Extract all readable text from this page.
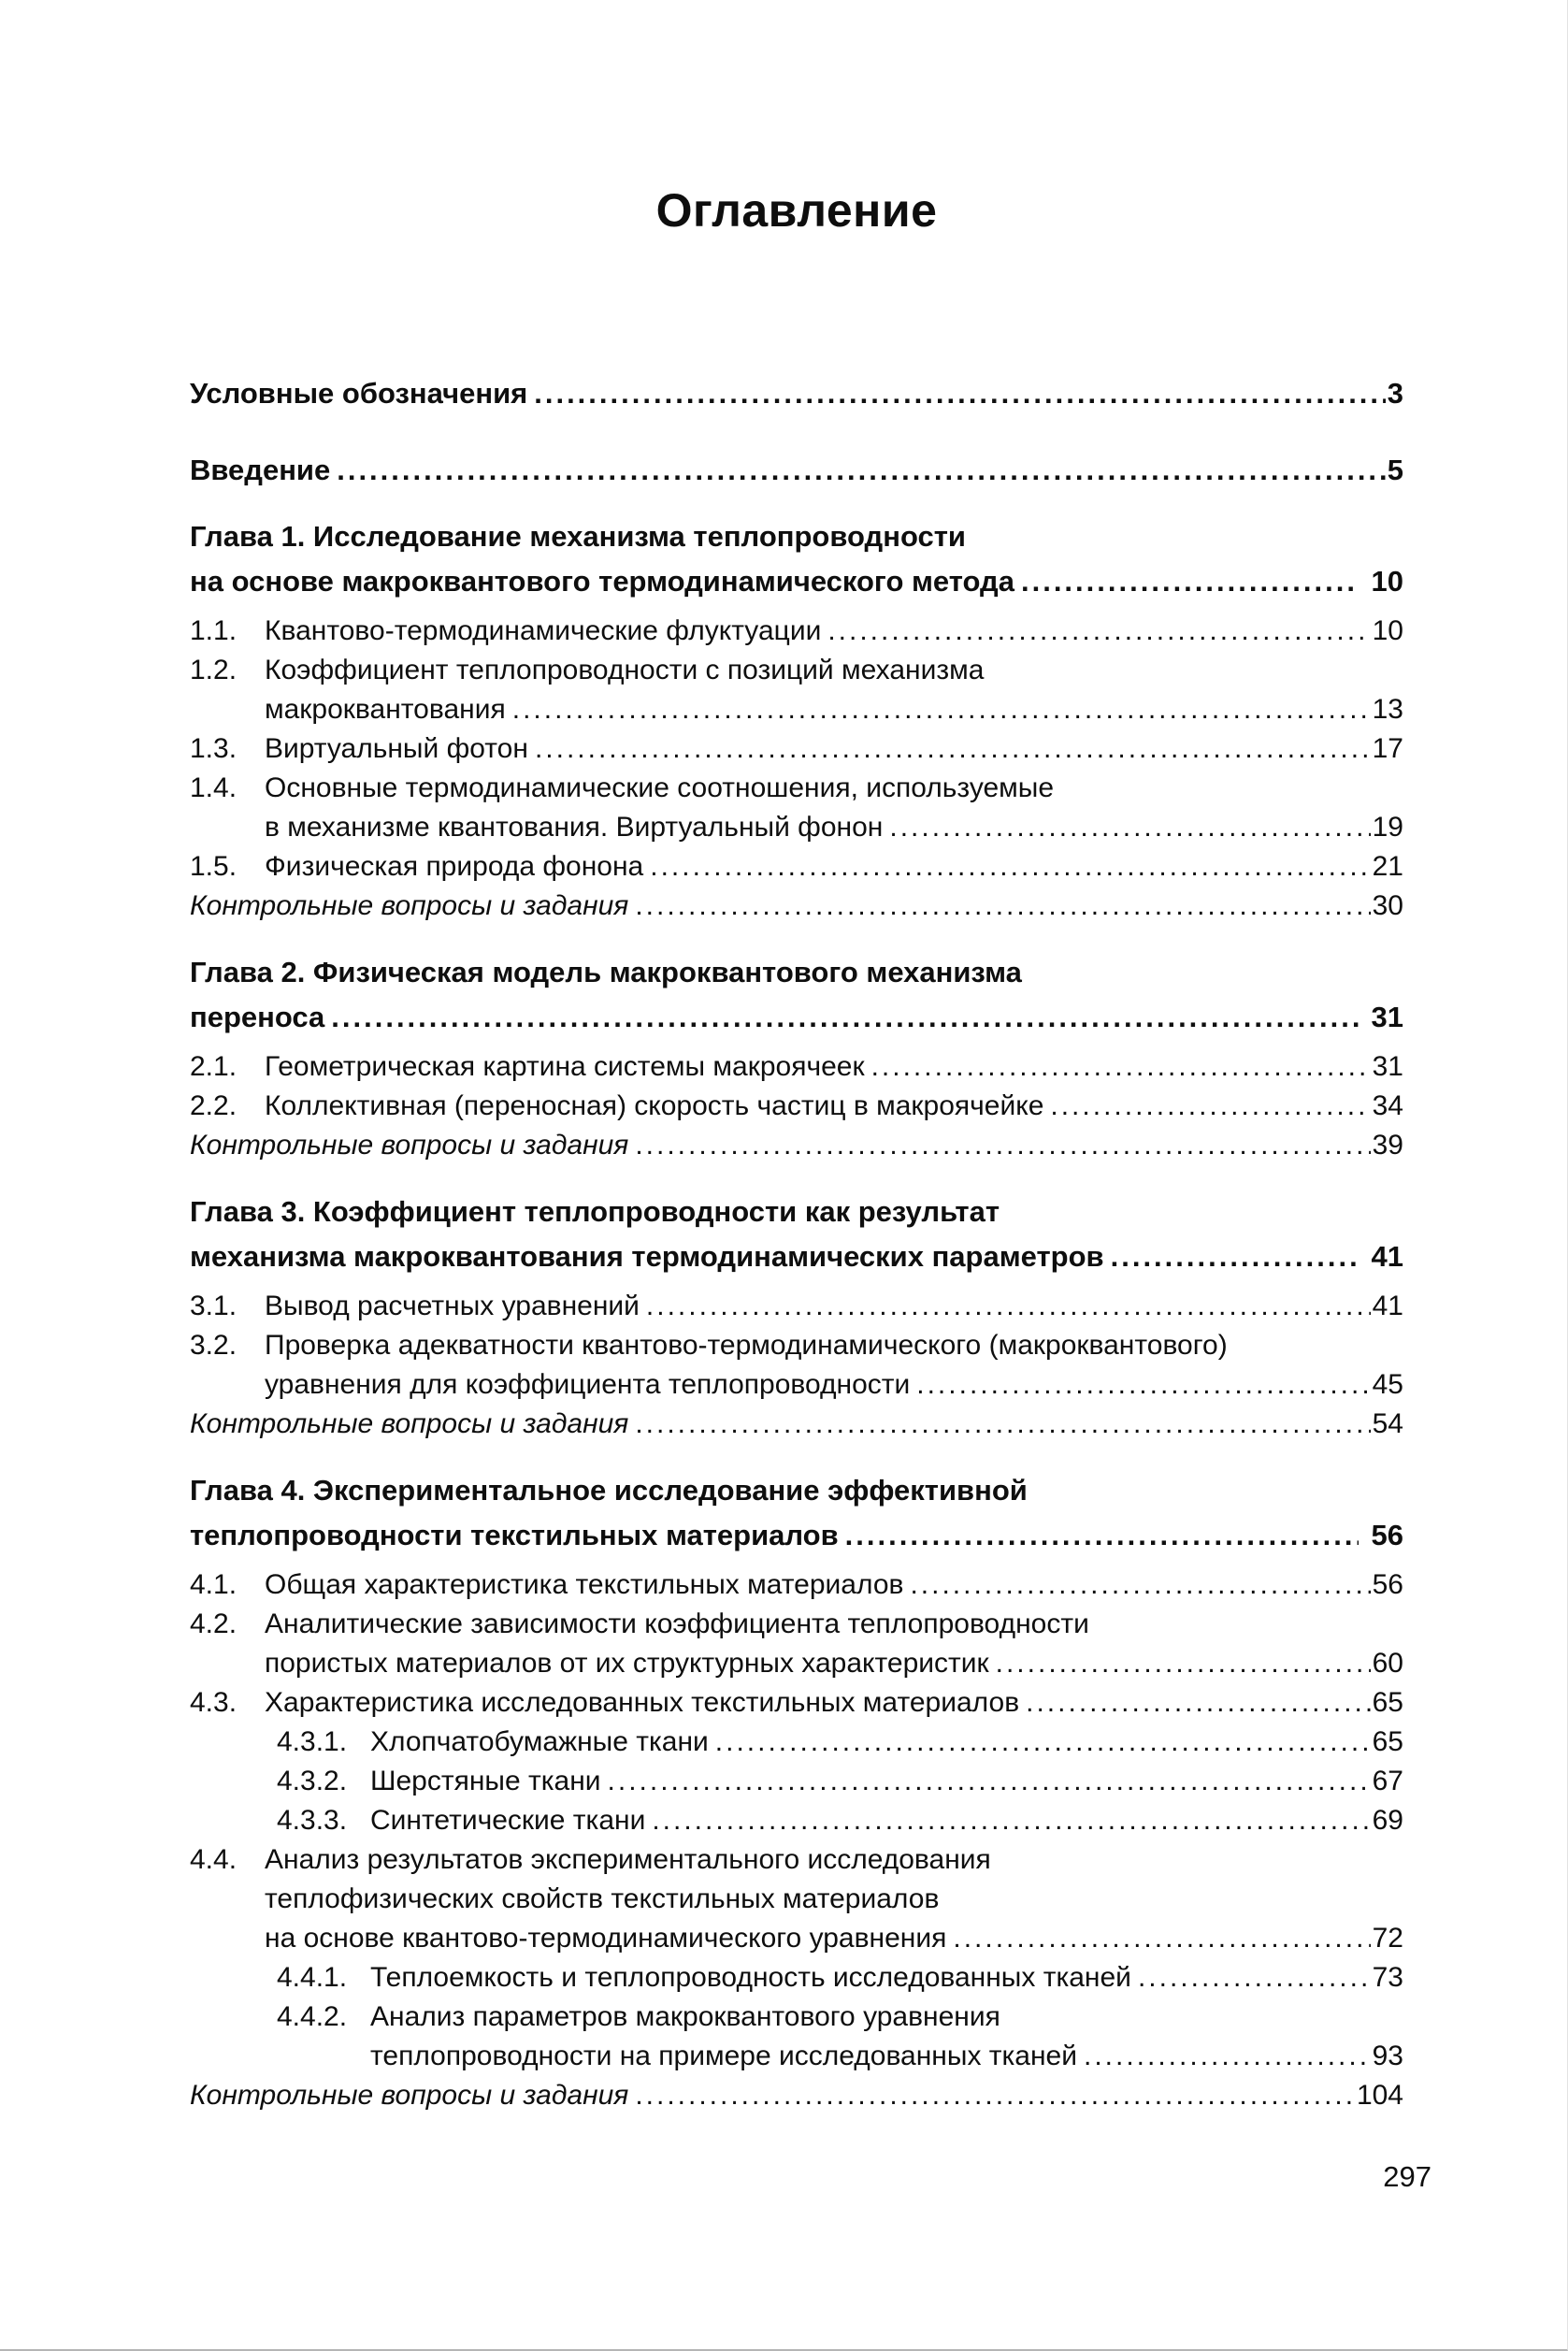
Оглавление
Условные обозначения .....	3
Введение .....	5
Глава 1. Исследование механизма теплопроводности
на основе макроквантового термодинамического метода .....	10
1.1. Квантово-термодинамические флуктуации .....	10
1.2. Коэффициент теплопроводности с позиций механизма
макроквантования .....	13
1.3. Виртуальный фотон .....	17
1.4. Основные термодинамические соотношения, используемые
в механизме квантования. Виртуальный фонон .....	19
1.5. Физическая природа фонона .....	21
Контрольные вопросы и задания .....	30
Глава 2. Физическая модель макроквантового механизма
переноса .....	31
2.1. Геометрическая картина системы макроячеек .....	31
2.2. Коллективная (переносная) скорость частиц в макроячейке .....	34
Контрольные вопросы и задания .....	39
Глава 3. Коэффициент теплопроводности как результат
механизма макроквантования термодинамических параметров .....	41
3.1. Вывод расчетных уравнений .....	41
3.2. Проверка адекватности квантово-термодинамического (макроквантового)
уравнения для коэффициента теплопроводности .....	45
Контрольные вопросы и задания .....	54
Глава 4. Экспериментальное исследование эффективной
теплопроводности текстильных материалов .....	56
4.1. Общая характеристика текстильных материалов .....	56
4.2. Аналитические зависимости коэффициента теплопроводности
пористых материалов от их структурных характеристик .....	60
4.3. Характеристика исследованных текстильных материалов .....	65
4.3.1. Хлопчатобумажные ткани .....	65
4.3.2. Шерстяные ткани .....	67
4.3.3. Синтетические ткани .....	69
4.4. Анализ результатов экспериментального исследования
теплофизических свойств текстильных материалов
на основе квантово-термодинамического уравнения .....	72
4.4.1. Теплоемкость и теплопроводность исследованных тканей .....	73
4.4.2. Анализ параметров макроквантового уравнения
теплопроводности на примере исследованных тканей .....	93
Контрольные вопросы и задания .....	104
297
